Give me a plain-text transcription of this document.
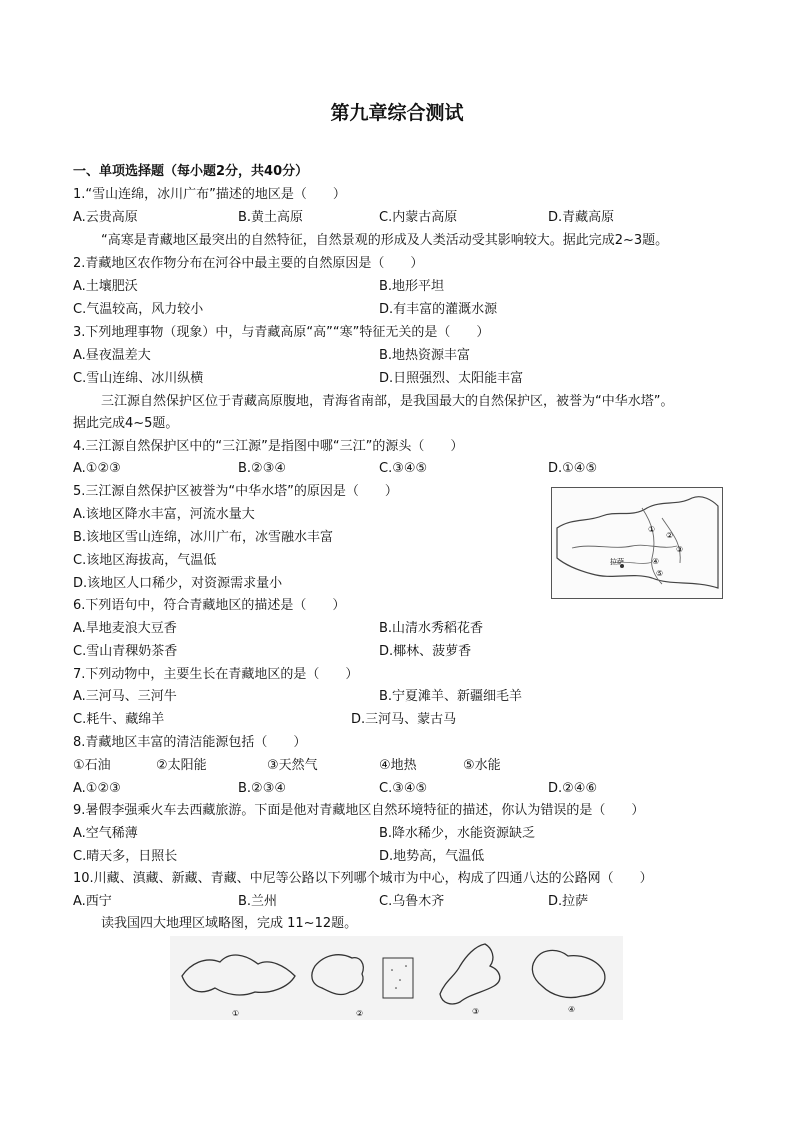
第九章综合测试
一、单项选择题（每小题2分，共40分）
1.“雪山连绵，冰川广布”描述的地区是（　　）
A.云贵高原	B.黄土高原	C.内蒙古高原	D.青藏高原
“高寒是青藏地区最突出的自然特征，自然景观的形成及人类活动受其影响较大。据此完成2~3题。
2.青藏地区农作物分布在河谷中最主要的自然原因是（　　）
A.土壤肥沃	B.地形平坦
C.气温较高，风力较小	D.有丰富的灌溉水源
3.下列地理事物（现象）中，与青藏高原“高”“寒”特征无关的是（　　）
A.昼夜温差大	B.地热资源丰富
C.雪山连绵、冰川纵横	D.日照强烈、太阳能丰富
三江源自然保护区位于青藏高原腹地，青海省南部，是我国最大的自然保护区，被誉为“中华水塔”。
据此完成4~5题。
4.三江源自然保护区中的“三江源”是指图中哪“三江”的源头（　　）
A.①②③	B.②③④	C.③④⑤	D.①④⑤
5.三江源自然保护区被誉为“中华水塔”的原因是（　　）
A.该地区降水丰富，河流水量大
B.该地区雪山连绵，冰川广布，冰雪融水丰富
C.该地区海拔高，气温低
D.该地区人口稀少，对资源需求量小
①
②
③
④
⑤
拉萨
6.下列语句中，符合青藏地区的描述是（　　）
A.旱地麦浪大豆香	B.山清水秀稻花香
C.雪山青稞奶茶香	D.椰林、菠萝香
7.下列动物中，主要生长在青藏地区的是（　　）
A.三河马、三河牛	B.宁夏滩羊、新疆细毛羊
C.耗牛、藏绵羊	D.三河马、蒙古马
8.青藏地区丰富的清洁能源包括（　　）
①石油	②太阳能	③天然气	④地热	⑤水能
A.①②③	B.②③④	C.③④⑤	D.②④⑥
9.暑假李强乘火车去西藏旅游。下面是他对青藏地区自然环境特征的描述，你认为错误的是（　　）
A.空气稀薄	B.降水稀少，水能资源缺乏
C.晴天多，日照长	D.地势高，气温低
10.川藏、滇藏、新藏、青藏、中尼等公路以下列哪个城市为中心，构成了四通八达的公路网（　　）
A.西宁	B.兰州	C.乌鲁木齐	D.拉萨
读我国四大地理区域略图，完成 11~12题。
①	②	③	④
